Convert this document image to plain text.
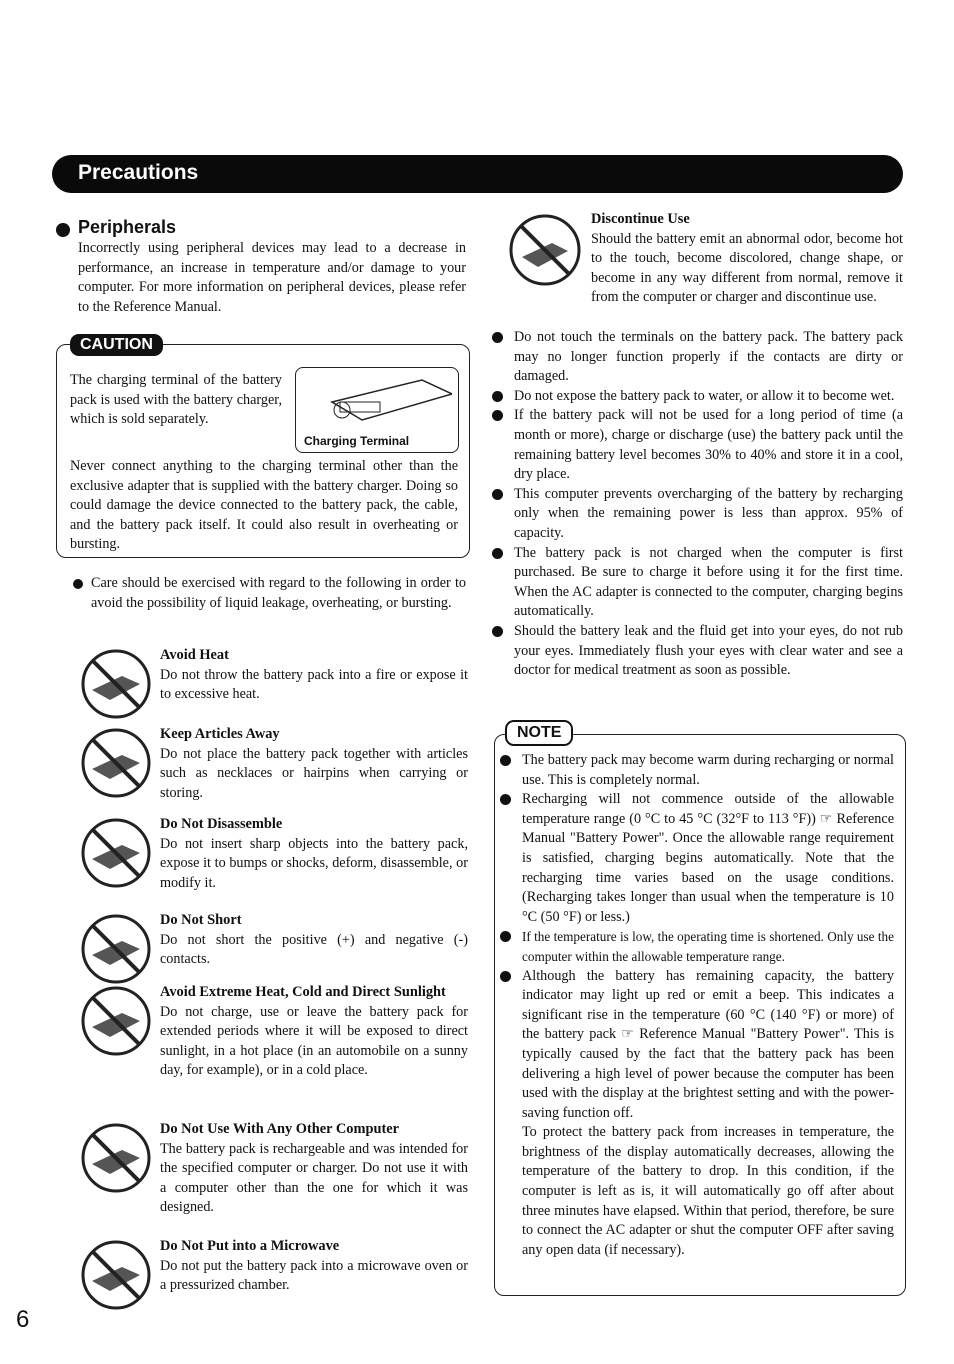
Precautions
Peripherals
Incorrectly using peripheral devices may lead to a decrease in performance, an increase in temperature and/or damage to your computer. For more information on peripheral devices, please refer to the Reference Manual.
CAUTION
The charging terminal of the battery pack is used with the battery charger, which is sold separately.
Charging Terminal
Never connect anything to the charging terminal other than the exclusive adapter that is supplied with the battery charger. Doing so could damage the device connected to the battery pack, the cable, and the battery pack itself. It could also result in overheating or bursting.
Care should be exercised with regard to the following in order to avoid the possibility of liquid leakage, overheating, or bursting.
Avoid Heat
Do not throw the battery pack into a fire or expose it to excessive heat.
Keep Articles Away
Do not place the battery pack together with articles such as necklaces or hairpins when carrying or storing.
Do Not Disassemble
Do not insert sharp objects into the battery pack, expose it to bumps or shocks, deform, disassemble, or modify it.
Do Not Short
Do not short the positive (+) and negative (-) contacts.
Avoid Extreme Heat, Cold and Direct Sunlight
Do not charge, use or leave the battery pack for extended periods where it will be exposed to direct sunlight, in a hot place (in an automobile on a sunny day, for example), or in a cold place.
Do Not Use With Any Other Computer
The battery pack is rechargeable and was intended for the specified computer or charger. Do not use it with a computer other than the one for which it was designed.
Do Not Put into a Microwave
Do not put the battery pack into a microwave oven or a pressurized chamber.
Discontinue Use
Should the battery emit an abnormal odor, become hot to the touch, become discolored, change shape, or become in any way different from normal, remove it from the computer or charger and discontinue use.
Do not touch the terminals on the battery pack. The battery pack may no longer function properly if the contacts are dirty or damaged.
Do not expose the battery pack to water, or allow it to become wet.
If the battery pack will not be used for a long period of time (a month or more), charge or discharge (use) the battery pack until the remaining battery level becomes 30% to 40% and store it in a cool, dry place.
This computer prevents overcharging of the battery by recharging only when the remaining power is less than approx. 95% of capacity.
The battery pack is not charged when the computer is first purchased. Be sure to charge it before using it for the first time. When the AC adapter is connected to the computer, charging begins automatically.
Should the battery leak and the fluid get into your eyes, do not rub your eyes. Immediately flush your eyes with clear water and see a doctor for medical treatment as soon as possible.
NOTE
The battery pack may become warm during recharging or normal use. This is completely normal.
Recharging will not commence outside of the allowable temperature range (0 °C to 45 °C (32°F to 113 °F)) ☞ Reference Manual "Battery Power". Once the allowable range requirement is satisfied, charging begins automatically. Note that the recharging time varies based on the usage conditions. (Recharging takes longer than usual when the temperature is 10 °C (50 °F) or less.)
If the temperature is low, the operating time is shortened. Only use the computer within the allowable temperature range.
Although the battery has remaining capacity, the battery indicator may light up red or emit a beep. This indicates a significant rise in the temperature (60 °C (140 °F) or more) of the battery pack ☞ Reference Manual "Battery Power". This is typically caused by the fact that the battery pack has been delivering a high level of power because the computer has been used with the display at the brightest setting and with the power-saving function off.
To protect the battery pack from increases in temperature, the brightness of the display automatically decreases, allowing the temperature of the battery to drop. In this condition, if the computer is left as is, it will automatically go off after about three minutes have elapsed. Within that period, therefore, be sure to connect the AC adapter or shut the computer OFF after saving any open data (if necessary).
6
